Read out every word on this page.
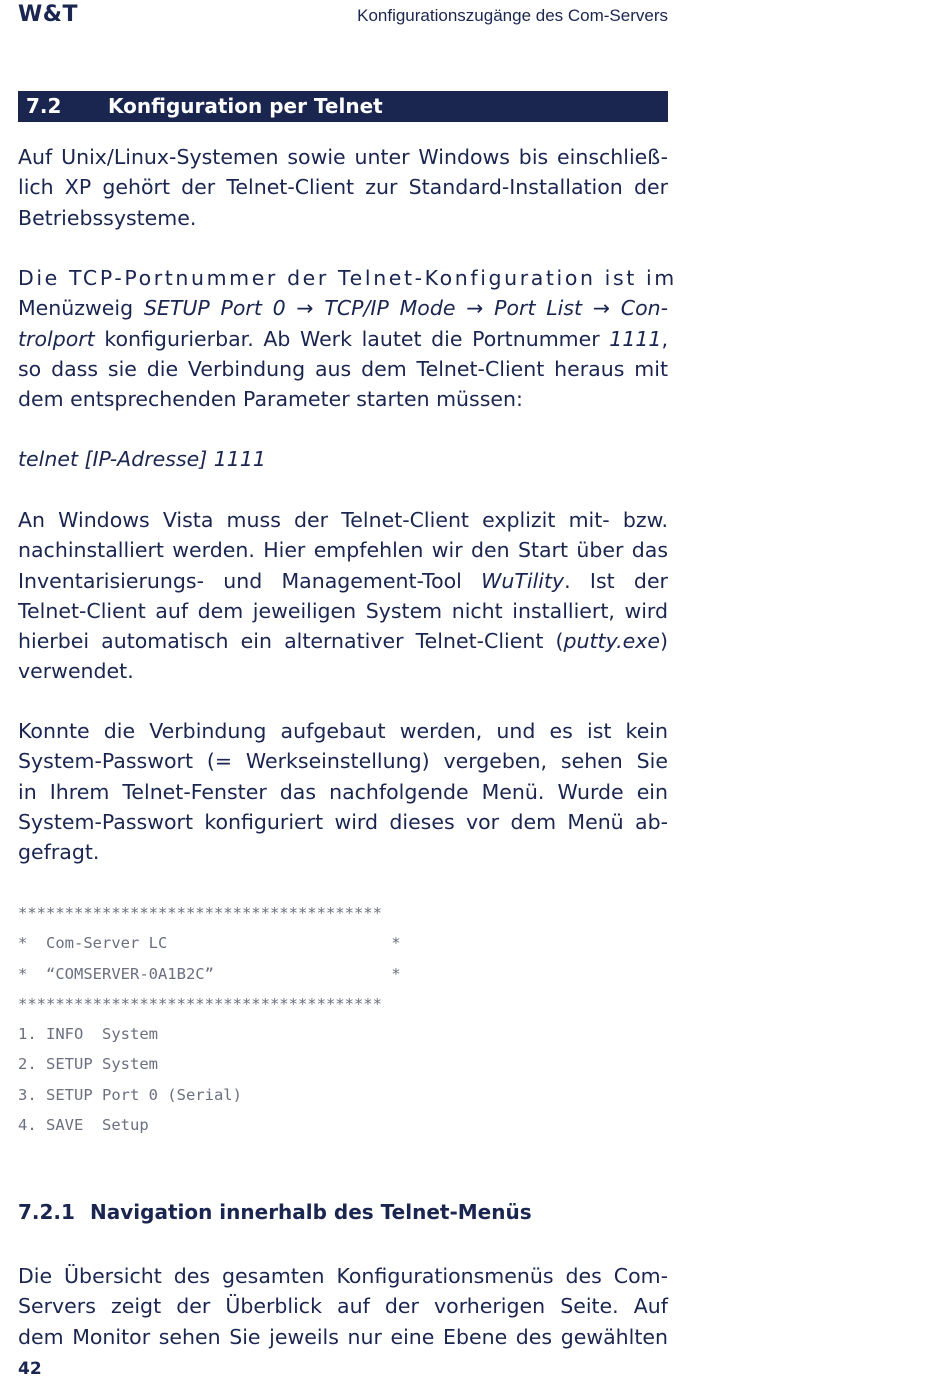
W&T	Konfigurationszugänge des Com-Servers
7.2 Konfiguration per Telnet
Auf Unix/Linux-Systemen sowie unter Windows bis einschließ-
lich XP gehört der Telnet-Client zur Standard-Installation der
Betriebssysteme.
Die TCP-Portnummer der Telnet-Konfiguration ist im
Menüzweig SETUP Port 0 → TCP/IP Mode → Port List → Con-
trolport konfigurierbar. Ab Werk lautet die Portnummer 1111,
so dass sie die Verbindung aus dem Telnet-Client heraus mit
dem entsprechenden Parameter starten müssen:
telnet [IP-Adresse] 1111
An Windows Vista muss der Telnet-Client explizit mit- bzw.
nachinstalliert werden. Hier empfehlen wir den Start über das
Inventarisierungs- und Management-Tool WuTility. Ist der
Telnet-Client auf dem jeweiligen System nicht installiert, wird
hierbei automatisch ein alternativer Telnet-Client (putty.exe)
verwendet.
Konnte die Verbindung aufgebaut werden, und es ist kein
System-Passwort (= Werkseinstellung) vergeben, sehen Sie
in Ihrem Telnet-Fenster das nachfolgende Menü. Wurde ein
System-Passwort konfiguriert wird dieses vor dem Menü ab-
gefragt.
***************************************
*  Com-Server LC                        *
*  “COMSERVER-0A1B2C”                   *
***************************************
1. INFO  System
2. SETUP System
3. SETUP Port 0 (Serial)
4. SAVE  Setup
7.2.1 Navigation innerhalb des Telnet-Menüs
Die Übersicht des gesamten Konfigurationsmenüs des Com-
Servers zeigt der Überblick auf der vorherigen Seite. Auf
dem Monitor sehen Sie jeweils nur eine Ebene des gewählten
42
